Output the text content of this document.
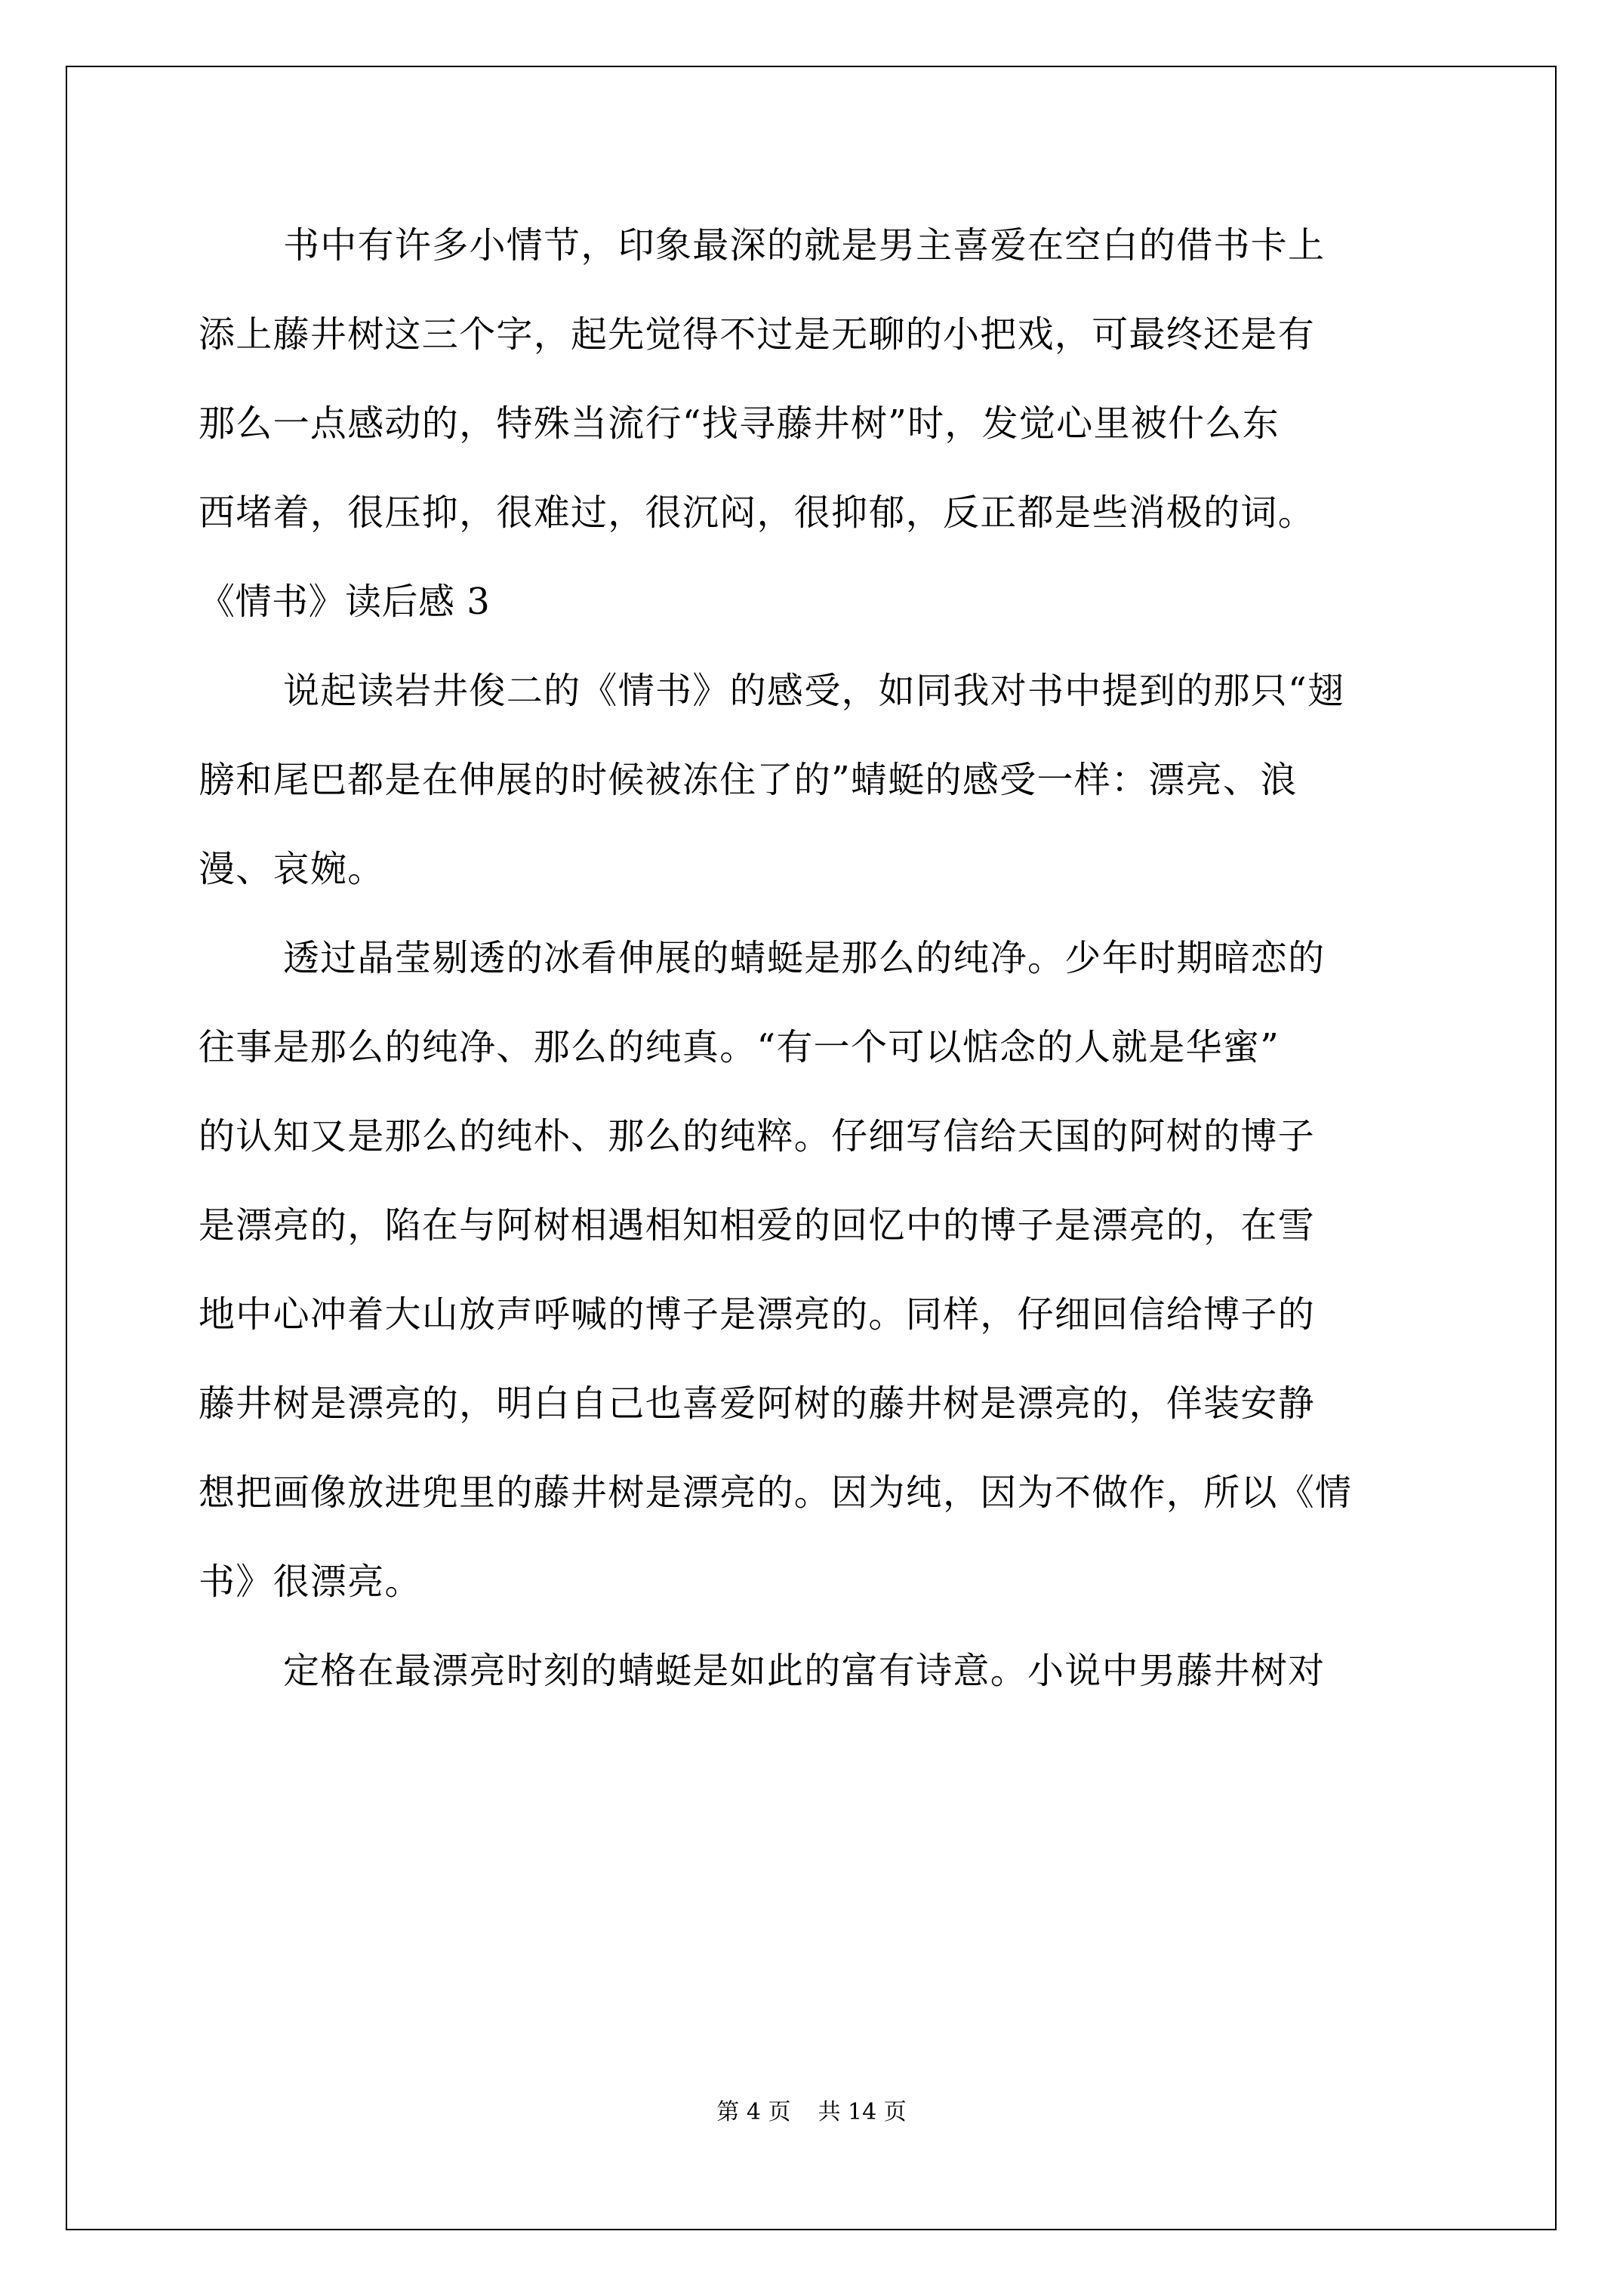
书中有许多小情节，印象最深的就是男主喜爱在空白的借书卡上
添上藤井树这三个字，起先觉得不过是无聊的小把戏，可最终还是有
那么一点感动的，特殊当流行“找寻藤井树”时，发觉心里被什么东
西堵着，很压抑，很难过，很沉闷，很抑郁，反正都是些消极的词。
《情书》读后感 3
说起读岩井俊二的《情书》的感受，如同我对书中提到的那只“翅
膀和尾巴都是在伸展的时候被冻住了的”蜻蜓的感受一样：漂亮、浪
漫、哀婉。
透过晶莹剔透的冰看伸展的蜻蜓是那么的纯净。少年时期暗恋的
往事是那么的纯净、那么的纯真。“有一个可以惦念的人就是华蜜”
的认知又是那么的纯朴、那么的纯粹。仔细写信给天国的阿树的博子
是漂亮的，陷在与阿树相遇相知相爱的回忆中的博子是漂亮的，在雪
地中心冲着大山放声呼喊的博子是漂亮的。同样，仔细回信给博子的
藤井树是漂亮的，明白自己也喜爱阿树的藤井树是漂亮的，佯装安静
想把画像放进兜里的藤井树是漂亮的。因为纯，因为不做作，所以《情
书》很漂亮。
定格在最漂亮时刻的蜻蜓是如此的富有诗意。小说中男藤井树对
第 4 页 共 14 页
